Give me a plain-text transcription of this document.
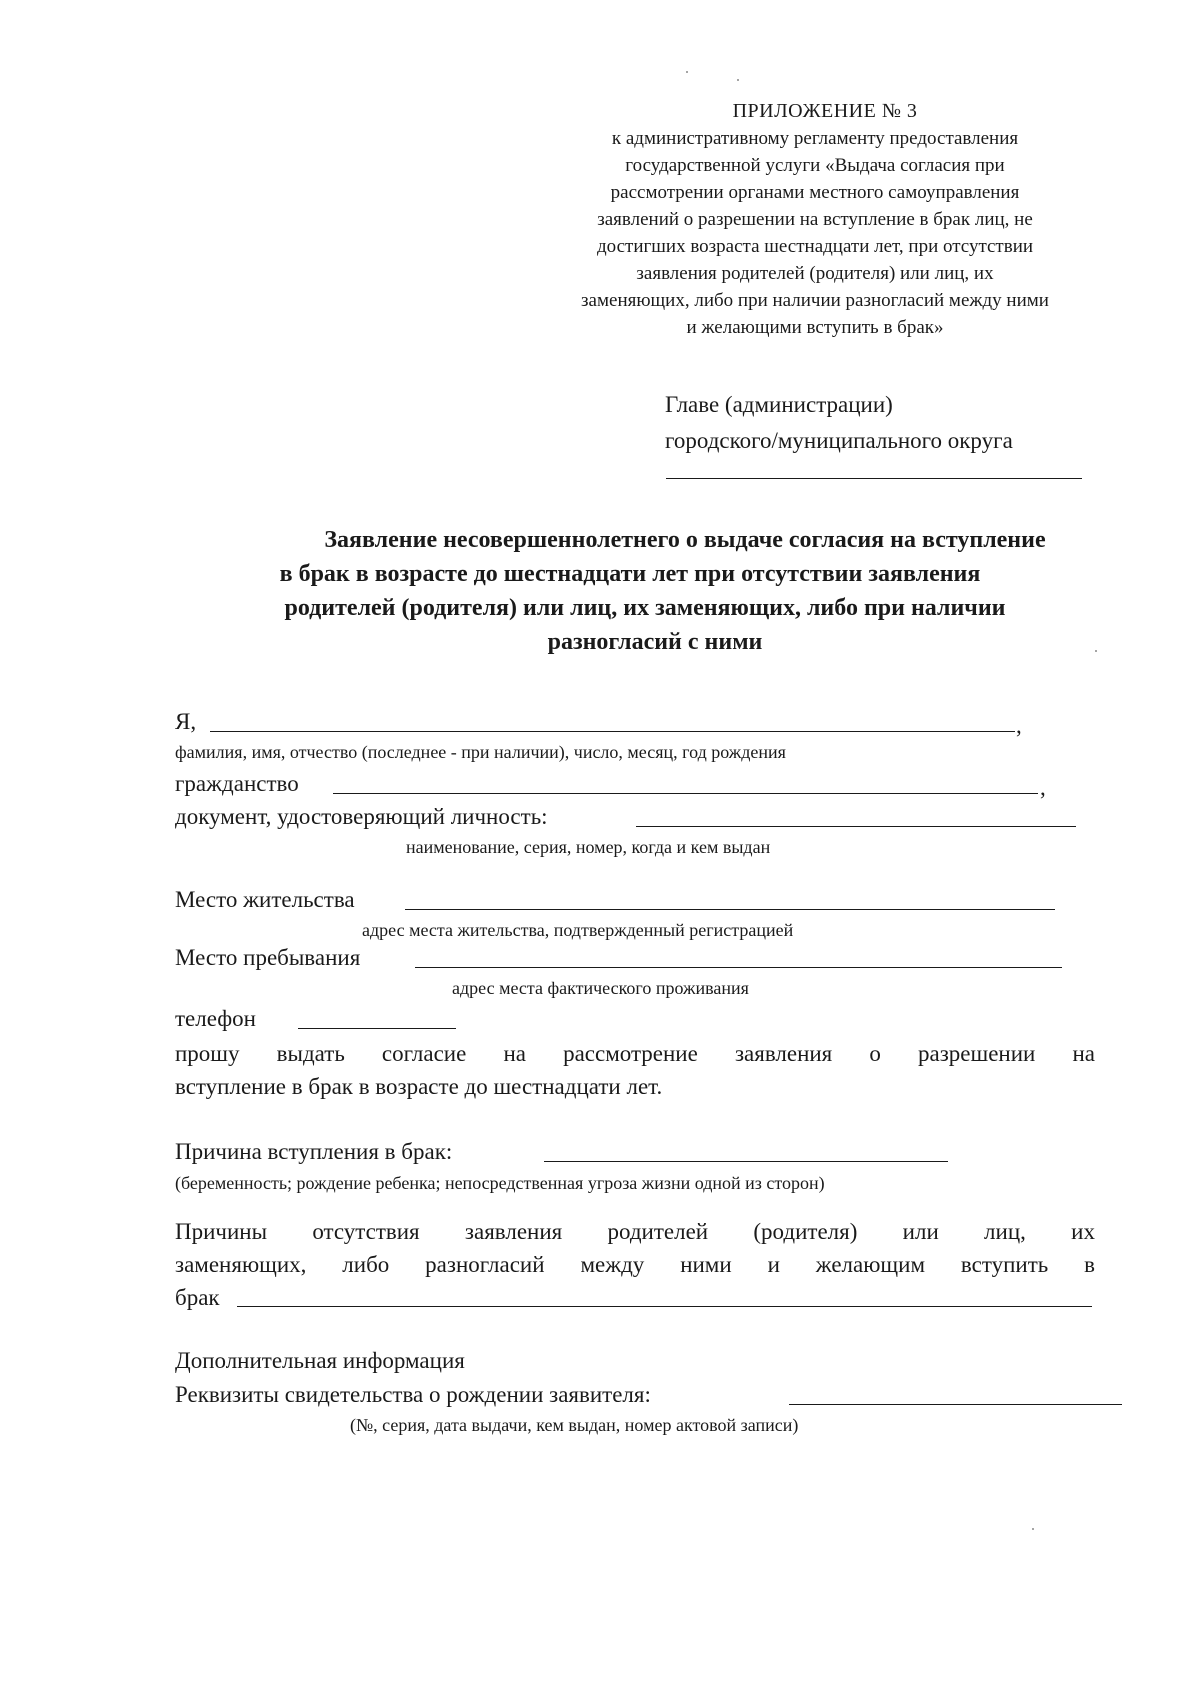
ПРИЛОЖЕНИЕ № 3
к административному регламенту предоставления
государственной услуги «Выдача согласия при
рассмотрении органами местного самоуправления
заявлений о разрешении на вступление в брак лиц, не
достигших возраста шестнадцати лет, при отсутствии
заявления родителей (родителя) или лиц, их
заменяющих, либо при наличии разногласий между ними
и желающими вступить в брак»
Главе (администрации)
городского/муниципального округа
Заявление несовершеннолетнего о выдаче согласия на вступление
в брак в возрасте до шестнадцати лет при отсутствии заявления
родителей (родителя) или лиц, их заменяющих, либо при наличии
разногласий с ними
Я,	,
фамилия, имя, отчество (последнее - при наличии), число, месяц, год рождения
гражданство	,
документ, удостоверяющий личность:
наименование, серия, номер, когда и кем выдан
Место жительства
адрес места жительства, подтвержденный регистрацией
Место пребывания
адрес места фактического проживания
телефон
прошу выдать согласие на рассмотрение заявления о разрешении на
вступление в брак в возрасте до шестнадцати лет.
Причина вступления в брак:
(беременность; рождение ребенка; непосредственная угроза жизни одной из сторон)
Причины отсутствия заявления родителей (родителя) или лиц, их
заменяющих, либо разногласий между ними и желающим вступить в
брак
Дополнительная информация
Реквизиты свидетельства о рождении заявителя:
(№, серия, дата выдачи, кем выдан, номер актовой записи)
